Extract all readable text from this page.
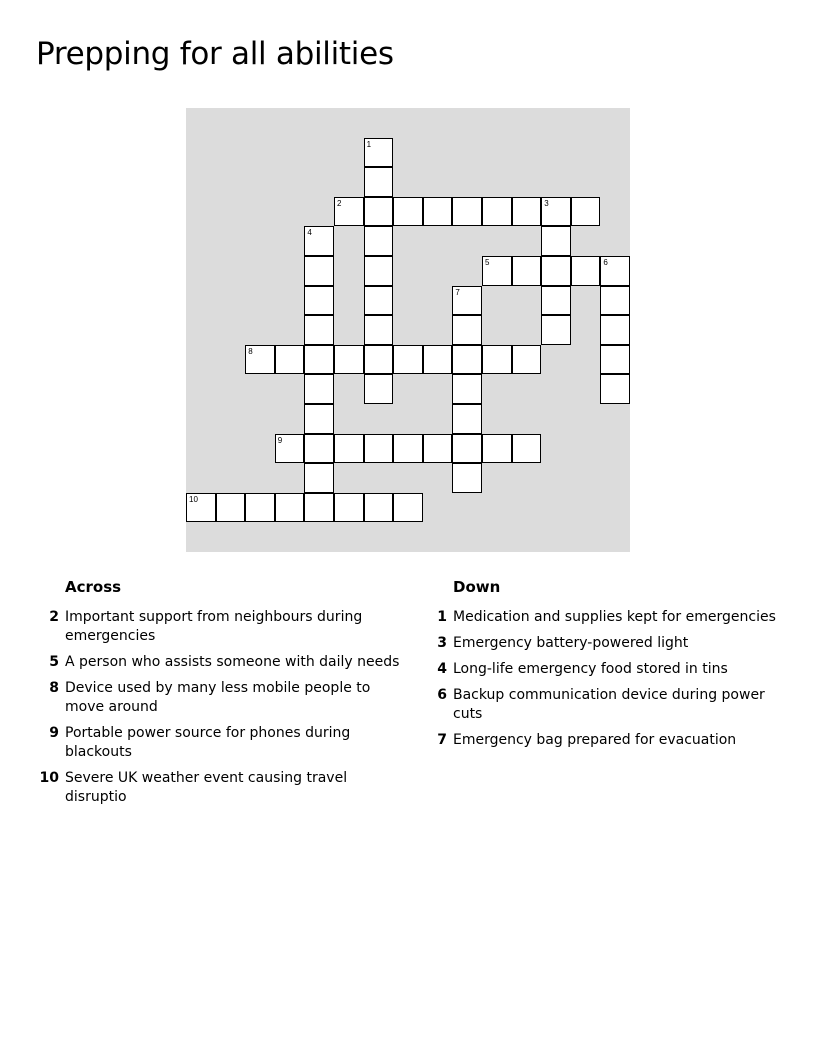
Prepping for all abilities
1
2	3
4
5	6
7
8
9
10
Across
2 Important support from neighbours during emergencies
5 A person who assists someone with daily needs
8 Device used by many less mobile people to move around
9 Portable power source for phones during blackouts
10 Severe UK weather event causing travel disruptio
Down
1 Medication and supplies kept for emergencies
3 Emergency battery-powered light
4 Long-life emergency food stored in tins
6 Backup communication device during power cuts
7 Emergency bag prepared for evacuation
